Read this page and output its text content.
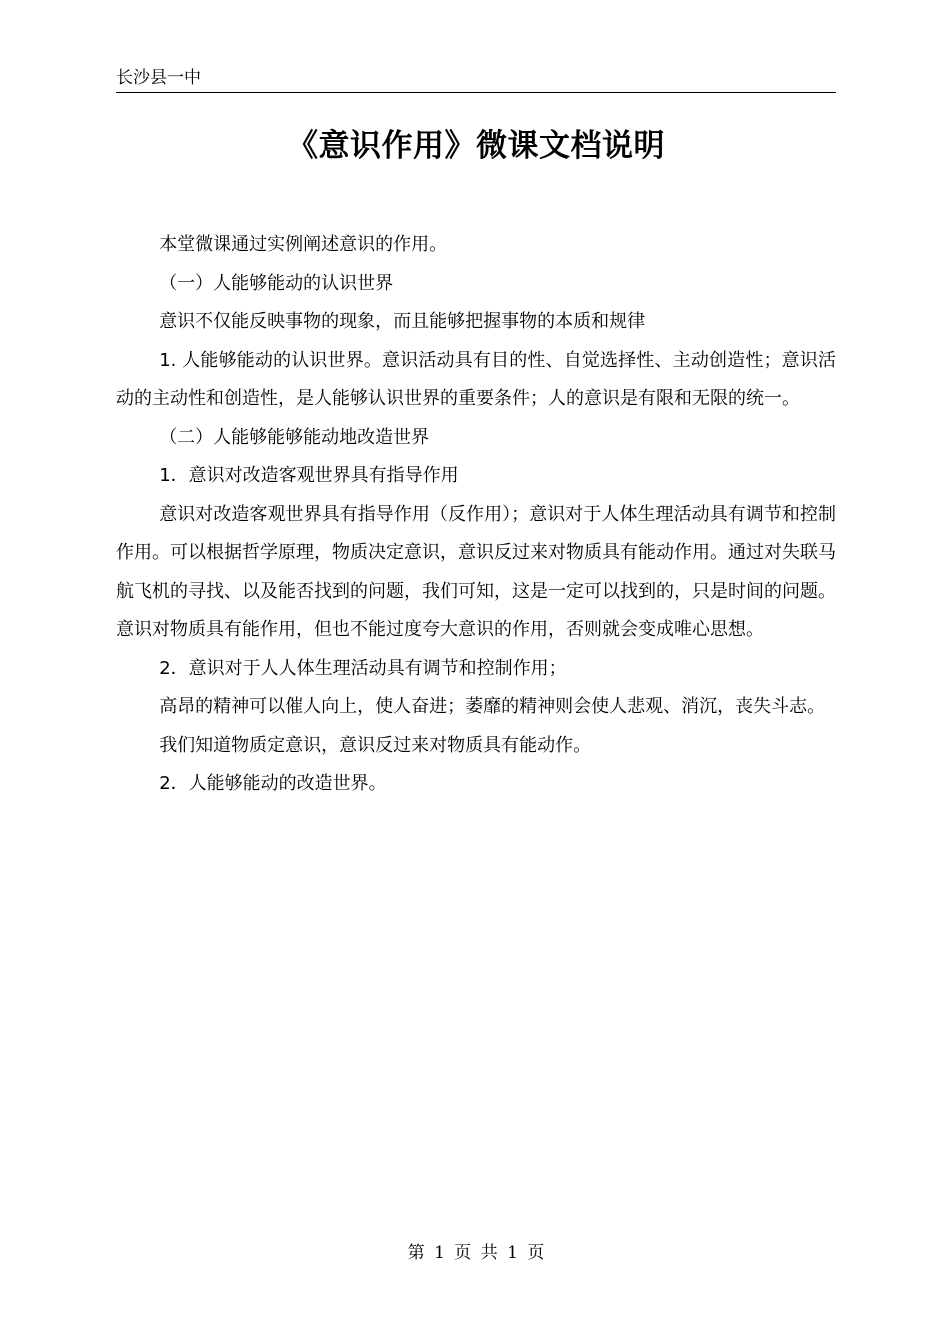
长沙县一中
《意识作用》微课文档说明

本堂微课通过实例阐述意识的作用。

（一）人能够能动的认识世界

意识不仅能反映事物的现象，而且能够把握事物的本质和规律

1. 人能够能动的认识世界。意识活动具有目的性、自觉选择性、主动创造性；意识活动的主动性和创造性，是人能够认识世界的重要条件；人的意识是有限和无限的统一。

（二）人能够能够能动地改造世界

1．意识对改造客观世界具有指导作用

意识对改造客观世界具有指导作用（反作用）；意识对于人体生理活动具有调节和控制作用。可以根据哲学原理，物质决定意识，意识反过来对物质具有能动作用。通过对失联马航飞机的寻找、以及能否找到的问题，我们可知，这是一定可以找到的，只是时间的问题。意识对物质具有能作用，但也不能过度夸大意识的作用，否则就会变成唯心思想。

2．意识对于人人体生理活动具有调节和控制作用；

高昂的精神可以催人向上，使人奋进；萎靡的精神则会使人悲观、消沉，丧失斗志。

我们知道物质定意识，意识反过来对物质具有能动作。

2．人能够能动的改造世界。

第 1 页 共 1 页
